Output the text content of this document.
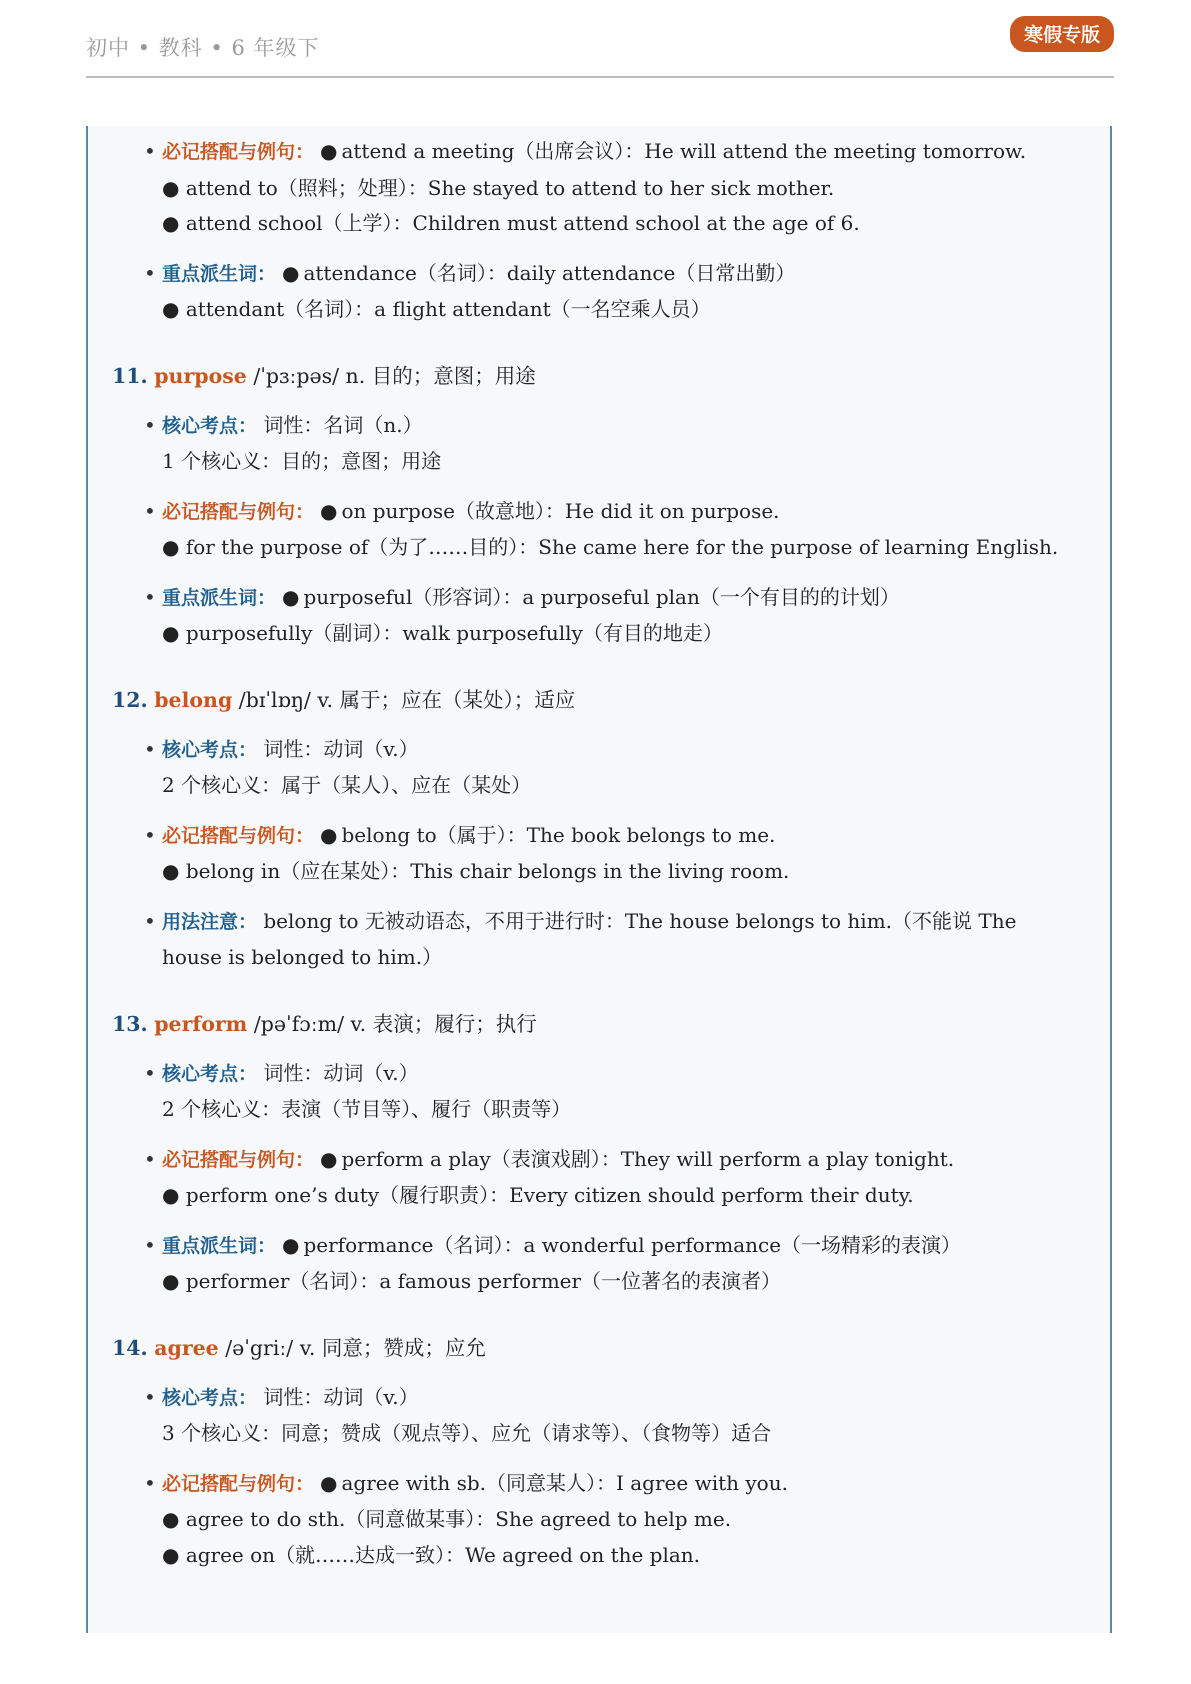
初中 • 教科 • 6 年级下
寒假专版
• 必记搭配与例句： ● attend a meeting（出席会议）：He will attend the meeting tomorrow.
● attend to（照料；处理）：She stayed to attend to her sick mother.
● attend school（上学）：Children must attend school at the age of 6.
• 重点派生词： ● attendance（名词）：daily attendance（日常出勤）
● attendant（名词）：a flight attendant（一名空乘人员）
11. purpose /ˈpɜːpəs/ n. 目的；意图；用途
• 核心考点： 词性：名词（n.）
1 个核心义：目的；意图；用途
• 必记搭配与例句： ● on purpose（故意地）：He did it on purpose.
● for the purpose of（为了……目的）：She came here for the purpose of learning English.
• 重点派生词： ● purposeful（形容词）：a purposeful plan（一个有目的的计划）
● purposefully（副词）：walk purposefully（有目的地走）
12. belong /bɪˈlɒŋ/ v. 属于；应在（某处）；适应
• 核心考点： 词性：动词（v.）
2 个核心义：属于（某人）、应在（某处）
• 必记搭配与例句： ● belong to（属于）：The book belongs to me.
● belong in（应在某处）：This chair belongs in the living room.
• 用法注意： belong to 无被动语态，不用于进行时：The house belongs to him.（不能说 The house is belonged to him.）
13. perform /pəˈfɔːm/ v. 表演；履行；执行
• 核心考点： 词性：动词（v.）
2 个核心义：表演（节目等）、履行（职责等）
• 必记搭配与例句： ● perform a play（表演戏剧）：They will perform a play tonight.
● perform one’s duty（履行职责）：Every citizen should perform their duty.
• 重点派生词： ● performance（名词）：a wonderful performance（一场精彩的表演）
● performer（名词）：a famous performer（一位著名的表演者）
14. agree /əˈgriː/ v. 同意；赞成；应允
• 核心考点： 词性：动词（v.）
3 个核心义：同意；赞成（观点等）、应允（请求等）、（食物等）适合
• 必记搭配与例句： ● agree with sb.（同意某人）：I agree with you.
● agree to do sth.（同意做某事）：She agreed to help me.
● agree on（就……达成一致）：We agreed on the plan.
